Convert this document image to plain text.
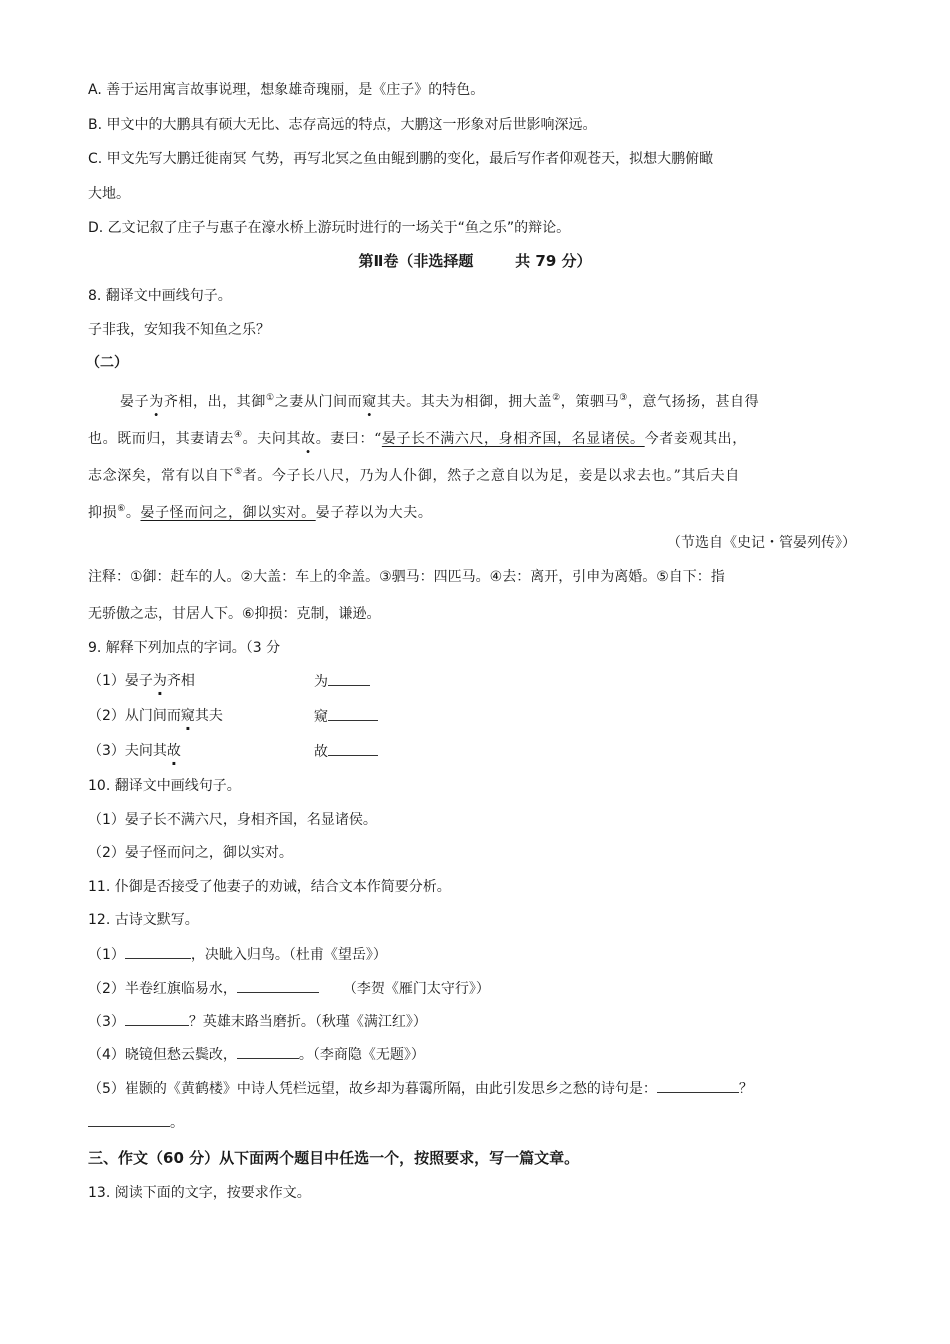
A. 善于运用寓言故事说理，想象雄奇瑰丽，是《庄子》的特色。
B. 甲文中的大鹏具有硕大无比、志存高远的特点，大鹏这一形象对后世影响深远。
C. 甲文先写大鹏迁徙南冥 气势，再写北冥之鱼由鲲到鹏的变化，最后写作者仰观苍天，拟想大鹏俯瞰
大地。
D. 乙文记叙了庄子与惠子在濠水桥上游玩时进行的一场关于“鱼之乐”的辩论。
第Ⅱ卷（非选择题        共 79 分）
8. 翻译文中画线句子。
子非我，安知我不知鱼之乐？
（二）
晏子为齐相，出，其御①之妻从门间而窥其夫。其夫为相御，拥大盖②，策驷马③，意气扬扬，甚自得
也。既而归，其妻请去④。夫问其故。妻曰：“晏子长不满六尺，身相齐国，名显诸侯。今者妾观其出，
志念深矣，常有以自下⑤者。今子长八尺，乃为人仆御，然子之意自以为足，妾是以求去也。”其后夫自
抑损⑥。晏子怪而问之，御以实对。晏子荐以为大夫。
（节选自《史记・管晏列传》）
注释：①御：赶车的人。②大盖：车上的伞盖。③驷马：四匹马。④去：离开，引申为离婚。⑤自下：指
无骄傲之志，甘居人下。⑥抑损：克制，谦逊。
9. 解释下列加点的字词。（3 分
（1）晏子为齐相	为
（2）从门间而窥其夫	窥
（3）夫问其故	故
10. 翻译文中画线句子。
（1）晏子长不满六尺，身相齐国，名显诸侯。
（2）晏子怪而问之，御以实对。
11. 仆御是否接受了他妻子的劝诫，结合文本作简要分析。
12. 古诗文默写。
（1）	，决眦入归鸟。（杜甫《望岳》）
（2）半卷红旗临易水，	（李贺《雁门太守行》）
（3）	？英雄末路当磨折。（秋瑾《满江红》）
（4）晓镜但愁云鬓改，	。（李商隐《无题》）
（5）崔颢的《黄鹤楼》中诗人凭栏远望，故乡却为暮霭所隔，由此引发思乡之愁的诗句是：	？
。
三、作文（60 分）从下面两个题目中任选一个，按照要求，写一篇文章。
13. 阅读下面的文字，按要求作文。
